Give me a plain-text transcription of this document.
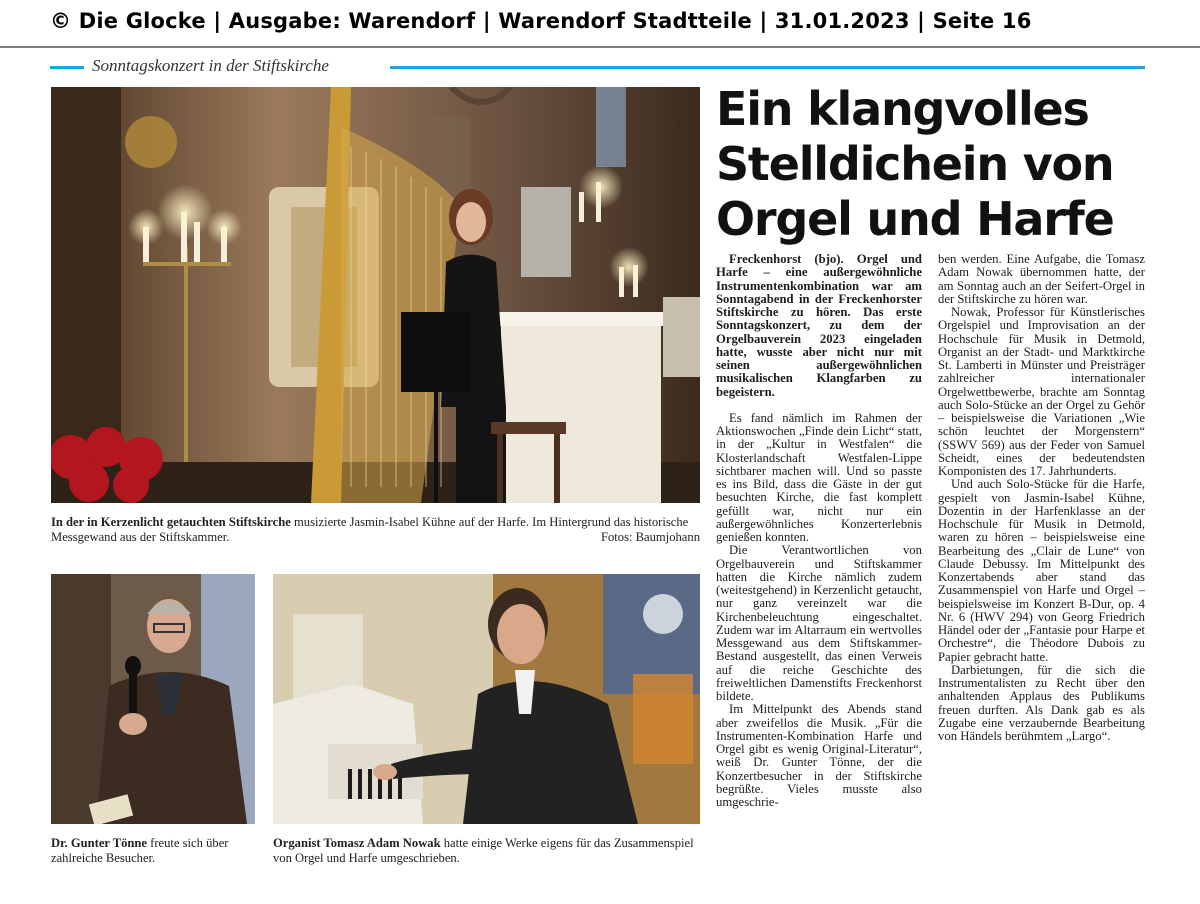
© Die Glocke | Ausgabe: Warendorf | Warendorf Stadtteile | 31.01.2023 | Seite 16
Sonntagskonzert in der Stiftskirche
In der in Kerzenlicht getauchten Stiftskirche musizierte Jasmin-Isabel Kühne auf der Harfe. Im Hintergrund das historische Messgewand aus der Stiftskammer.	Fotos: Baumjohann
Dr. Gunter Tönne freute sich über zahlreiche Besucher.
Organist Tomasz Adam Nowak hatte einige Werke eigens für das Zusammenspiel von Orgel und Harfe umgeschrieben.
Ein klangvolles
Stelldichein von
Orgel und Harfe

Freckenhorst (bjo). Orgel und Harfe – eine außergewöhnliche Instrumentenkombination war am Sonntagabend in der Freckenhorster Stiftskirche zu hören. Das erste Sonntagskonzert, zu dem der Orgelbauverein 2023 eingeladen hatte, wusste aber nicht nur mit seinen außergewöhnlichen musikalischen Klangfarben zu begeistern.

Es fand nämlich im Rahmen der Aktionswochen „Finde dein Licht“ statt, in der „Kultur in Westfalen“ die Klosterlandschaft Westfalen-Lippe sichtbarer machen will. Und so passte es ins Bild, dass die Gäste in der gut besuchten Kirche, die fast komplett gefüllt war, nicht nur ein außergewöhnliches Konzerterlebnis genießen konnten.

Die Verantwortlichen von Orgelbauverein und Stiftskammer hatten die Kirche nämlich zudem (weitestgehend) in Kerzenlicht getaucht, nur ganz vereinzelt war die Kirchenbeleuchtung eingeschaltet. Zudem war im Altarraum ein wertvolles Messgewand aus dem Stiftskammer-Bestand ausgestellt, das einen Verweis auf die reiche Geschichte des freiweltlichen Damenstifts Freckenhorst bildete.

Im Mittelpunkt des Abends stand aber zweifellos die Musik. „Für die Instrumenten-Kombination Harfe und Orgel gibt es wenig Original-Literatur“, weiß Dr. Gunter Tönne, der die Konzertbesucher in der Stiftskirche begrüßte. Vieles musste also umgeschrie-

ben werden. Eine Aufgabe, die Tomasz Adam Nowak übernommen hatte, der am Sonntag auch an der Seifert-Orgel in der Stiftskirche zu hören war.

Nowak, Professor für Künstlerisches Orgelspiel und Improvisation an der Hochschule für Musik in Detmold, Organist an der Stadt- und Marktkirche St. Lamberti in Münster und Preisträger zahlreicher internationaler Orgelwettbewerbe, brachte am Sonntag auch Solo-Stücke an der Orgel zu Gehör – beispielsweise die Variationen „Wie schön leuchtet der Morgenstern“ (SSWV 569) aus der Feder von Samuel Scheidt, eines der bedeutendsten Komponisten des 17. Jahrhunderts.

Und auch Solo-Stücke für die Harfe, gespielt von Jasmin-Isabel Kühne, Dozentin in der Harfenklasse an der Hochschule für Musik in Detmold, waren zu hören – beispielsweise eine Bearbeitung des „Clair de Lune“ von Claude Debussy. Im Mittelpunkt des Konzertabends aber stand das Zusammenspiel von Harfe und Orgel – beispielsweise im Konzert B-Dur, op. 4 Nr. 6 (HWV 294) von Georg Friedrich Händel oder der „Fantasie pour Harpe et Orchestre“, die Théodore Dubois zu Papier gebracht hatte.

Darbietungen, für die sich die Instrumentalisten zu Recht über den anhaltenden Applaus des Publikums freuen durften. Als Dank gab es als Zugabe eine verzaubernde Bearbeitung von Händels berühmtem „Largo“.
